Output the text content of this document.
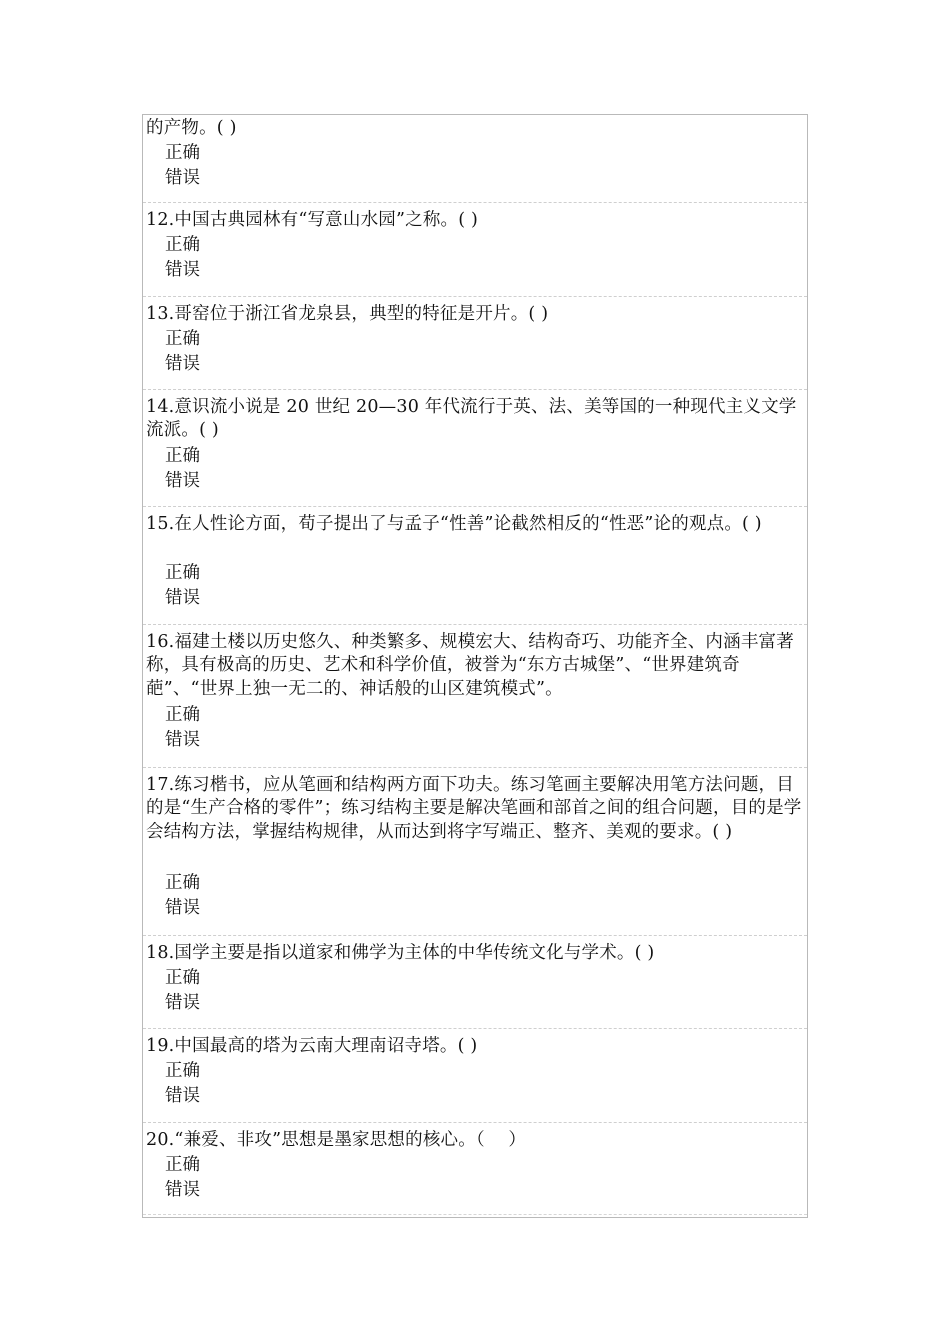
的产物。( )
正确
错误
12.中国古典园林有“写意山水园”之称。( )
正确
错误
13.哥窑位于浙江省龙泉县，典型的特征是开片。( )
正确
错误
14.意识流小说是 20 世纪 20—30 年代流行于英、法、美等国的一种现代主义文学流派。( )
正确
错误
15.在人性论方面，荀子提出了与孟子“性善”论截然相反的“性恶”论的观点。( )
正确
错误
16.福建土楼以历史悠久、种类繁多、规模宏大、结构奇巧、功能齐全、内涵丰富著称，具有极高的历史、艺术和科学价值，被誉为“东方古城堡”、“世界建筑奇葩”、“世界上独一无二的、神话般的山区建筑模式”。
正确
错误
17.练习楷书，应从笔画和结构两方面下功夫。练习笔画主要解决用笔方法问题，目的是“生产合格的零件”；练习结构主要是解决笔画和部首之间的组合问题，目的是学会结构方法，掌握结构规律，从而达到将字写端正、整齐、美观的要求。( )
正确
错误
18.国学主要是指以道家和佛学为主体的中华传统文化与学术。( )
正确
错误
19.中国最高的塔为云南大理南诏寺塔。( )
正确
错误
20.“兼爱、非攻”思想是墨家思想的核心。（　 ）
正确
错误
